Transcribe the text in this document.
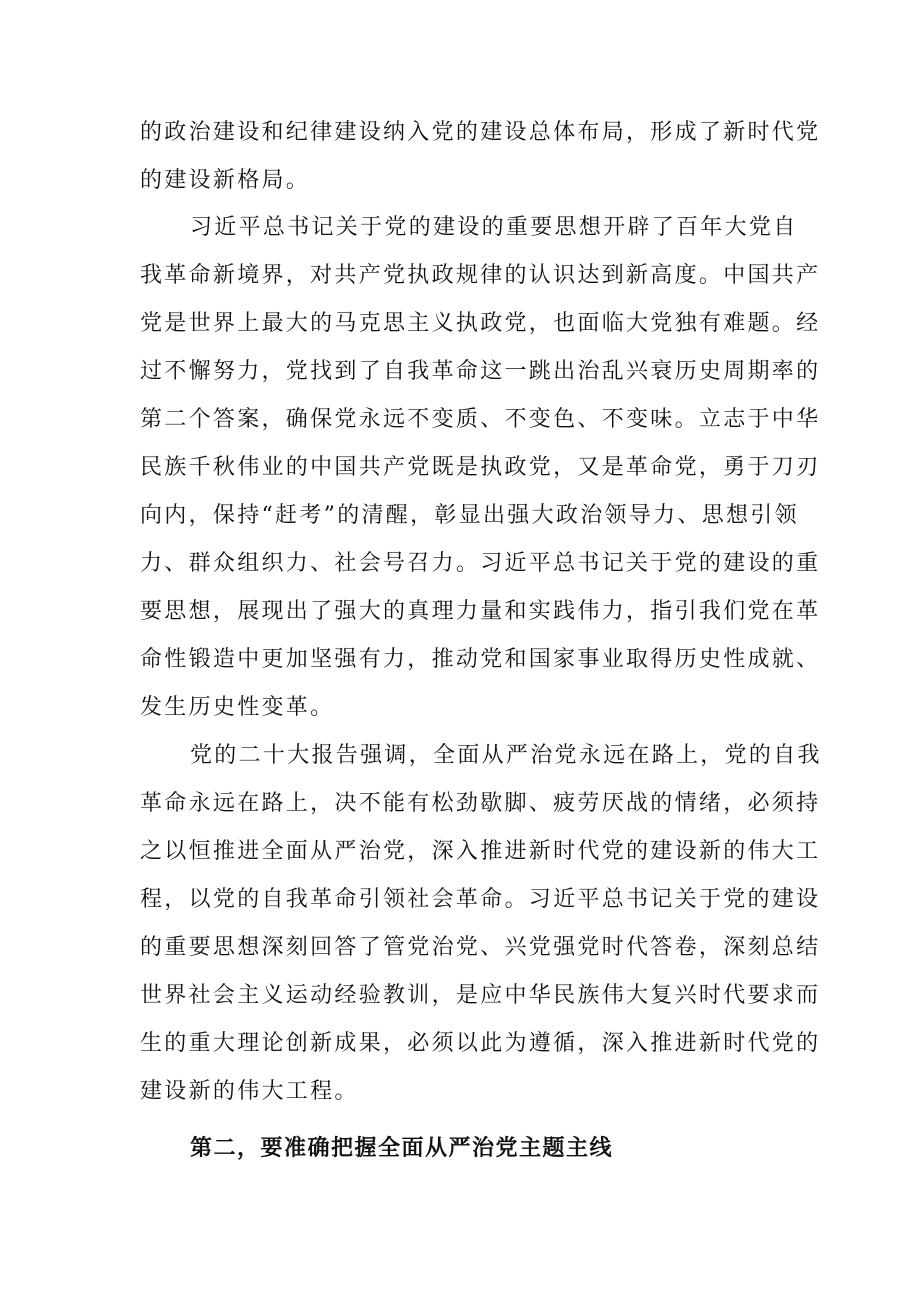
的政治建设和纪律建设纳入党的建设总体布局，形成了新时代党
的建设新格局。
习近平总书记关于党的建设的重要思想开辟了百年大党自
我革命新境界，对共产党执政规律的认识达到新高度。中国共产
党是世界上最大的马克思主义执政党，也面临大党独有难题。经
过不懈努力，党找到了自我革命这一跳出治乱兴衰历史周期率的
第二个答案，确保党永远不变质、不变色、不变味。立志于中华
民族千秋伟业的中国共产党既是执政党，又是革命党，勇于刀刃
向内，保持“赶考”的清醒，彰显出强大政治领导力、思想引领
力、群众组织力、社会号召力。习近平总书记关于党的建设的重
要思想，展现出了强大的真理力量和实践伟力，指引我们党在革
命性锻造中更加坚强有力，推动党和国家事业取得历史性成就、
发生历史性变革。
党的二十大报告强调，全面从严治党永远在路上，党的自我
革命永远在路上，决不能有松劲歇脚、疲劳厌战的情绪，必须持
之以恒推进全面从严治党，深入推进新时代党的建设新的伟大工
程，以党的自我革命引领社会革命。习近平总书记关于党的建设
的重要思想深刻回答了管党治党、兴党强党时代答卷，深刻总结
世界社会主义运动经验教训，是应中华民族伟大复兴时代要求而
生的重大理论创新成果，必须以此为遵循，深入推进新时代党的
建设新的伟大工程。
第二，要准确把握全面从严治党主题主线
